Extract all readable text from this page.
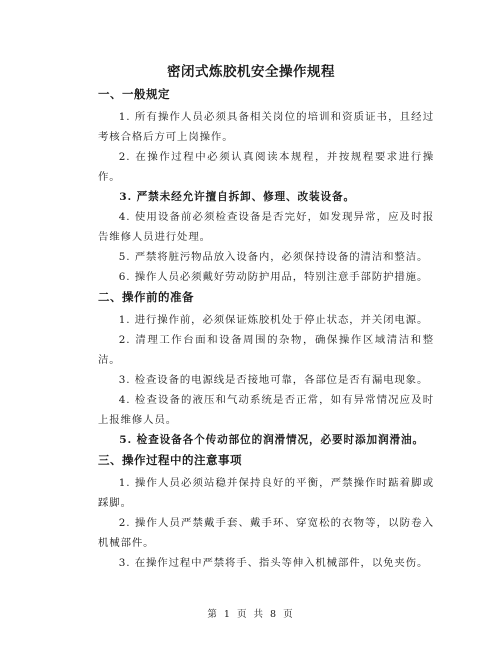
密闭式炼胶机安全操作规程
一、一般规定

1. 所有操作人员必须具备相关岗位的培训和资质证书，且经过考核合格后方可上岗操作。

2. 在操作过程中必须认真阅读本规程，并按规程要求进行操作。

3. 严禁未经允许擅自拆卸、修理、改装设备。

4. 使用设备前必须检查设备是否完好，如发现异常，应及时报告维修人员进行处理。

5. 严禁将脏污物品放入设备内，必须保持设备的清洁和整洁。

6. 操作人员必须戴好劳动防护用品，特别注意手部防护措施。

二、操作前的准备

1. 进行操作前，必须保证炼胶机处于停止状态，并关闭电源。

2. 清理工作台面和设备周围的杂物，确保操作区域清洁和整洁。

3. 检查设备的电源线是否接地可靠，各部位是否有漏电现象。

4. 检查设备的液压和气动系统是否正常，如有异常情况应及时上报维修人员。

5. 检查设备各个传动部位的润滑情况，必要时添加润滑油。

三、操作过程中的注意事项

1. 操作人员必须站稳并保持良好的平衡，严禁操作时踮着脚或踩脚。

2. 操作人员严禁戴手套、戴手环、穿宽松的衣物等，以防卷入机械部件。

3. 在操作过程中严禁将手、指头等伸入机械部件，以免夹伤。

第 1 页 共 8 页
